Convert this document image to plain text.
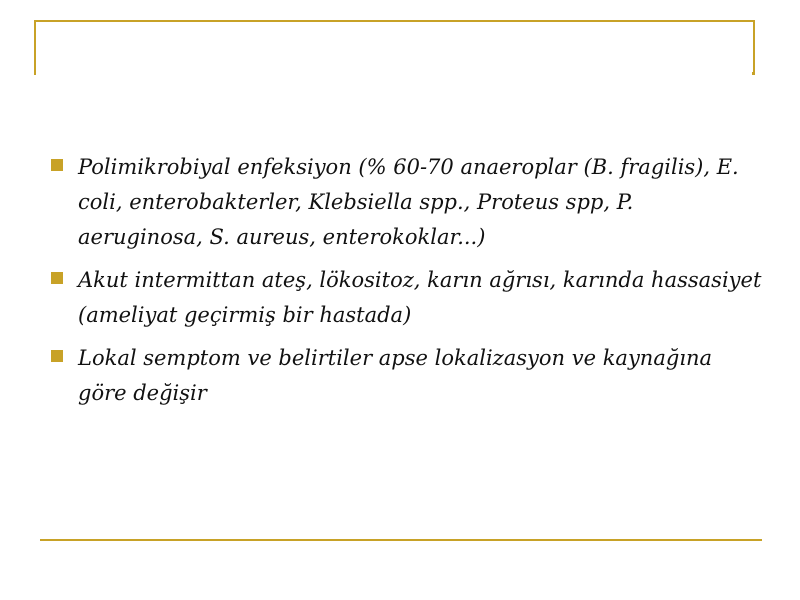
Polimikrobiyal enfeksiyon (% 60-70 anaeroplar (B. fragilis), E. coli, enterobakterler, Klebsiella spp., Proteus spp, P. aeruginosa, S. aureus, enterokoklar...)
Akut intermittan ateş, lökositoz, karın ağrısı, karında hassasiyet (ameliyat geçirmiş bir hastada)
Lokal semptom ve belirtiler apse lokalizasyon ve kaynağına göre değişir
